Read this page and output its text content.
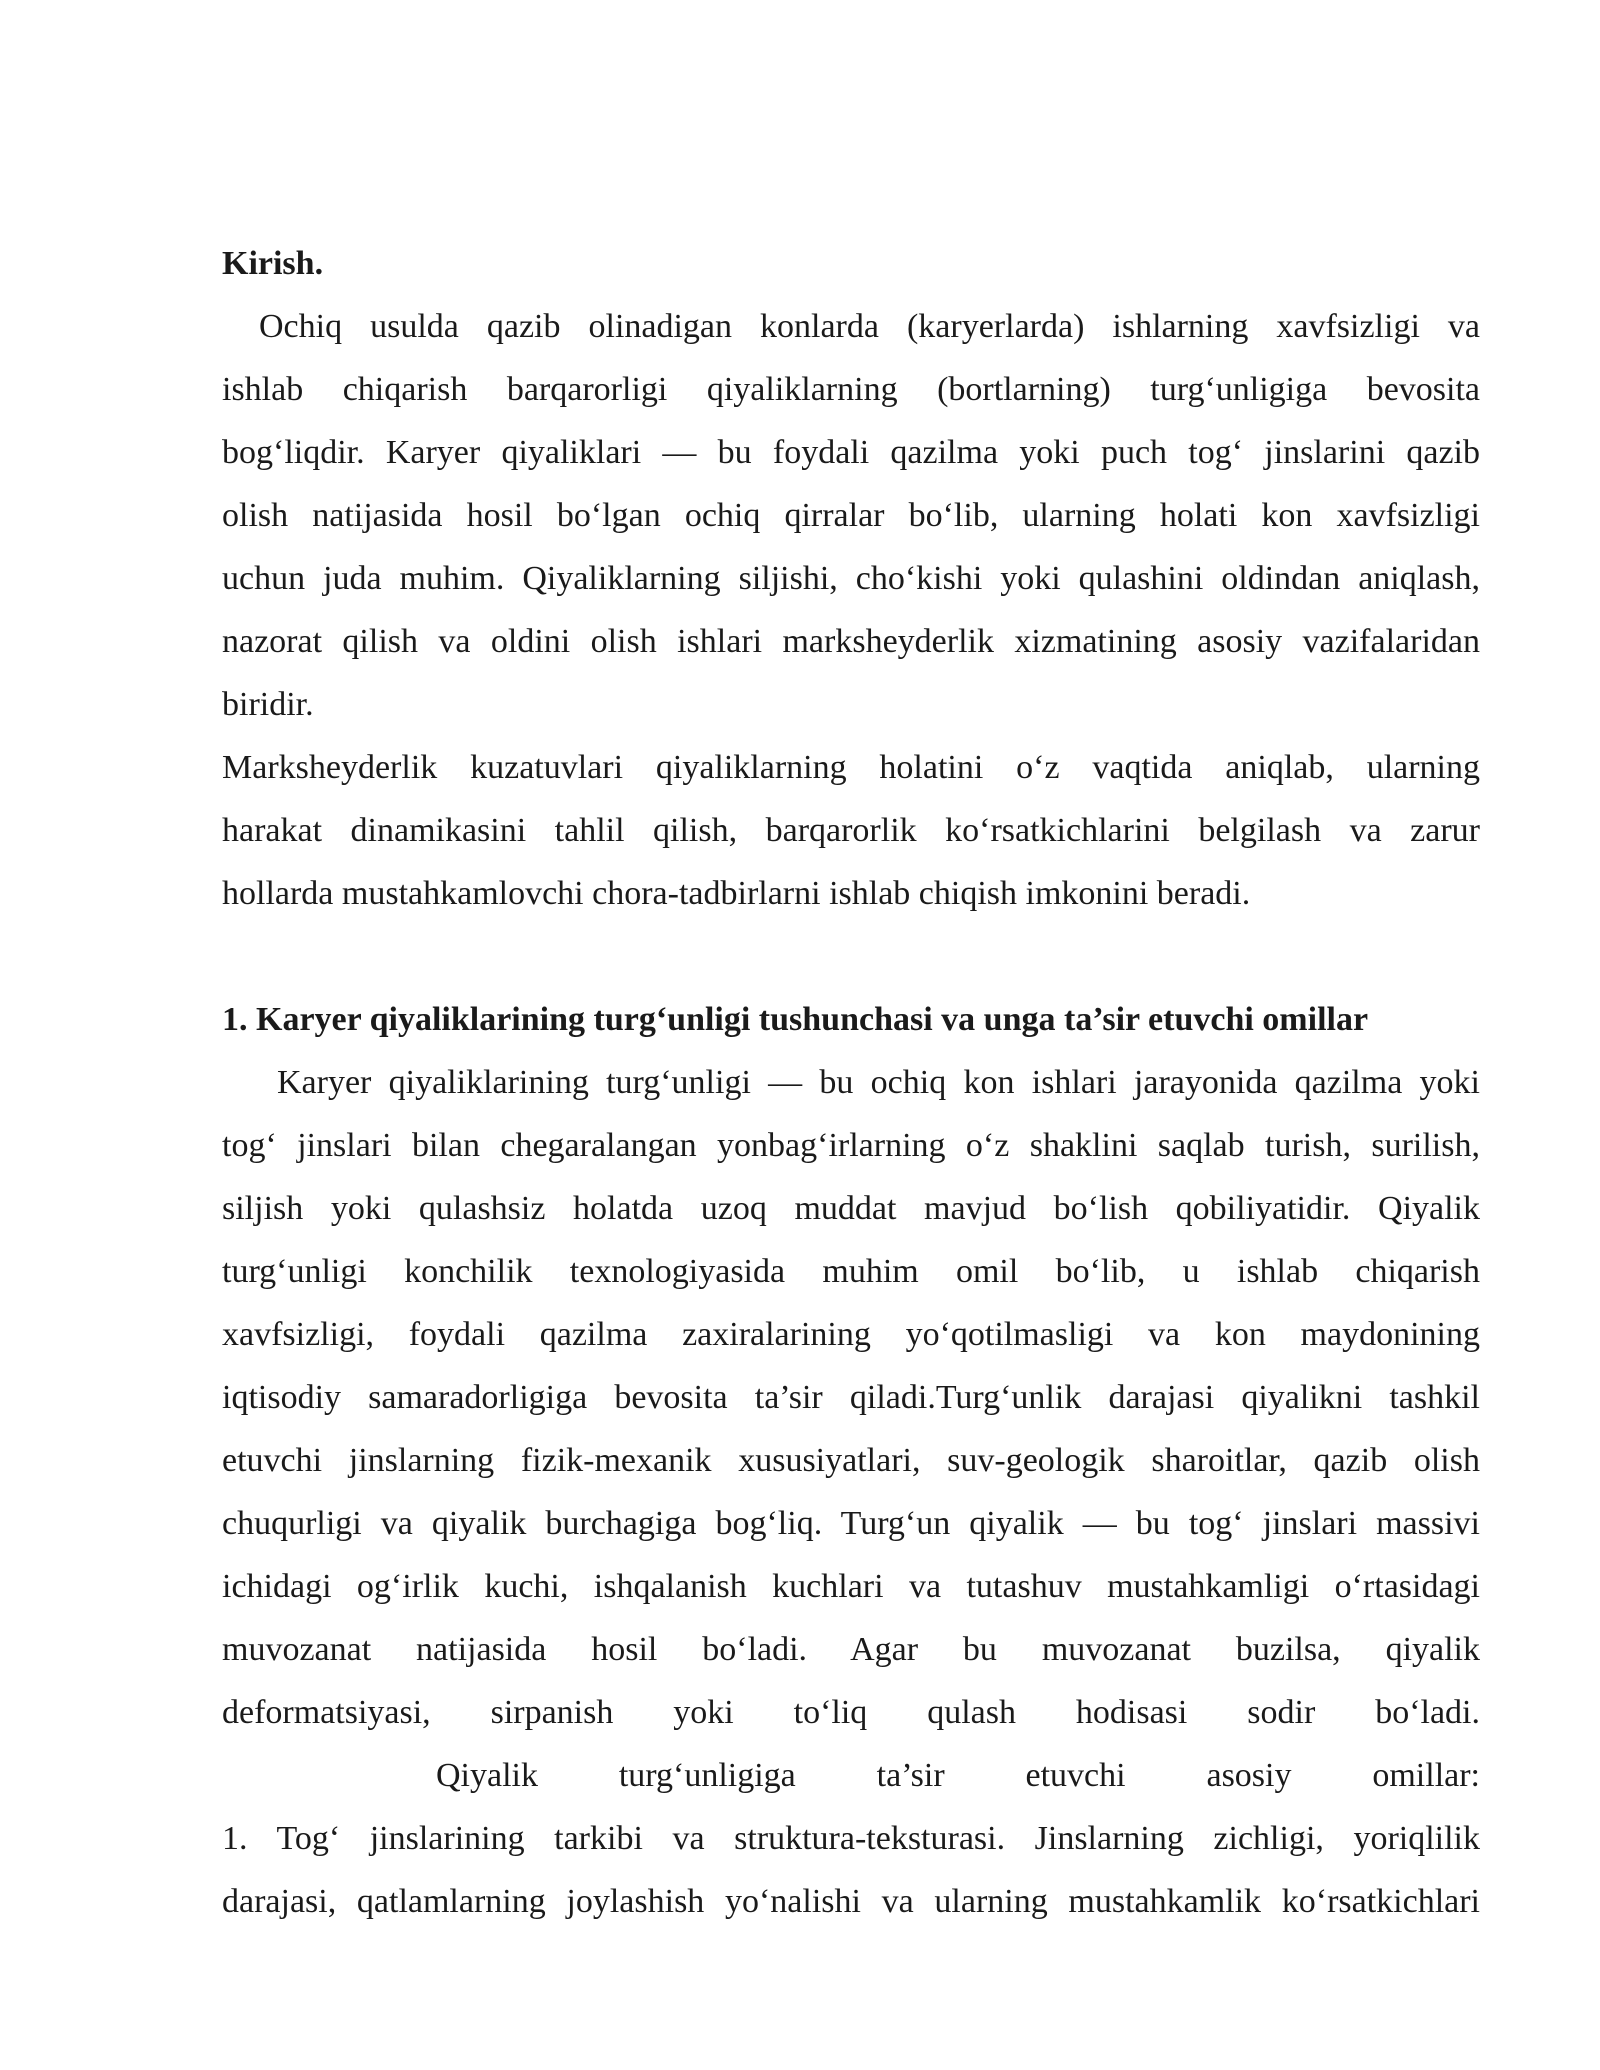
Kirish.
Ochiq usulda qazib olinadigan konlarda (karyerlarda) ishlarning xavfsizligi va
ishlab chiqarish barqarorligi qiyaliklarning (bortlarning) turg‘unligiga bevosita
bog‘liqdir. Karyer qiyaliklari — bu foydali qazilma yoki puch tog‘ jinslarini qazib
olish natijasida hosil bo‘lgan ochiq qirralar bo‘lib, ularning holati kon xavfsizligi
uchun juda muhim. Qiyaliklarning siljishi, cho‘kishi yoki qulashini oldindan aniqlash,
nazorat qilish va oldini olish ishlari marksheyderlik xizmatining asosiy vazifalaridan
biridir.
Marksheyderlik kuzatuvlari qiyaliklarning holatini o‘z vaqtida aniqlab, ularning
harakat dinamikasini tahlil qilish, barqarorlik ko‘rsatkichlarini belgilash va zarur
hollarda mustahkamlovchi chora-tadbirlarni ishlab chiqish imkonini beradi.
1. Karyer qiyaliklarining turg‘unligi tushunchasi va unga ta’sir etuvchi omillar
Karyer qiyaliklarining turg‘unligi — bu ochiq kon ishlari jarayonida qazilma yoki
tog‘ jinslari bilan chegaralangan yonbag‘irlarning o‘z shaklini saqlab turish, surilish,
siljish yoki qulashsiz holatda uzoq muddat mavjud bo‘lish qobiliyatidir. Qiyalik
turg‘unligi konchilik texnologiyasida muhim omil bo‘lib, u ishlab chiqarish
xavfsizligi, foydali qazilma zaxiralarining yo‘qotilmasligi va kon maydonining
iqtisodiy samaradorligiga bevosita ta’sir qiladi.Turg‘unlik darajasi qiyalikni tashkil
etuvchi jinslarning fizik-mexanik xususiyatlari, suv-geologik sharoitlar, qazib olish
chuqurligi va qiyalik burchagiga bog‘liq. Turg‘un qiyalik — bu tog‘ jinslari massivi
ichidagi og‘irlik kuchi, ishqalanish kuchlari va tutashuv mustahkamligi o‘rtasidagi
muvozanat natijasida hosil bo‘ladi. Agar bu muvozanat buzilsa, qiyalik
deformatsiyasi, sirpanish yoki to‘liq qulash hodisasi sodir bo‘ladi.
Qiyalik turg‘unligiga ta’sir etuvchi asosiy omillar:
1. Tog‘ jinslarining tarkibi va struktura-teksturasi. Jinslarning zichligi, yoriqlilik
darajasi, qatlamlarning joylashish yo‘nalishi va ularning mustahkamlik ko‘rsatkichlari
